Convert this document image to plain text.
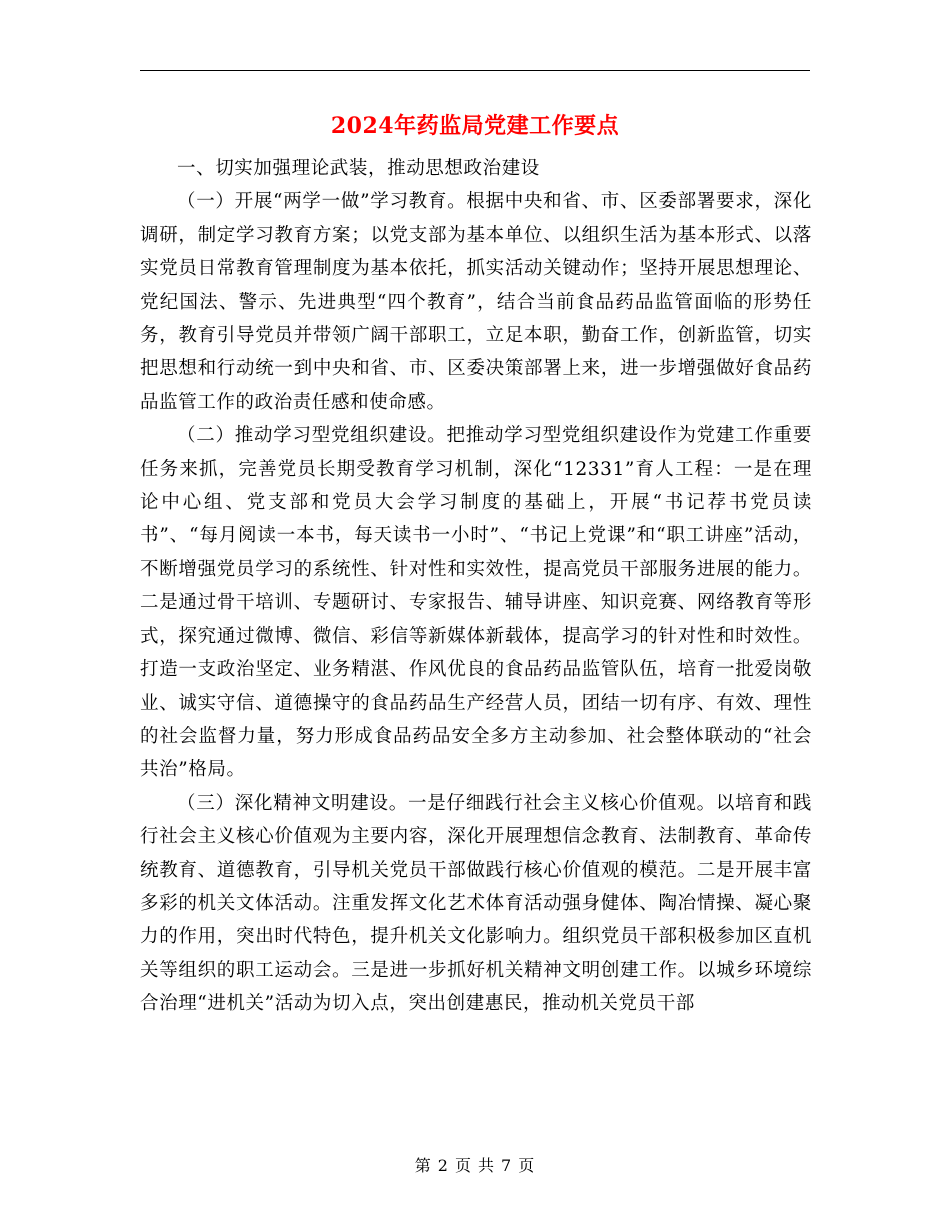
2024年药监局党建工作要点

一、切实加强理论武装，推动思想政治建设

（一）开展“两学一做”学习教育。根据中央和省、市、区委部署要求，深化调研，制定学习教育方案；以党支部为基本单位、以组织生活为基本形式、以落实党员日常教育管理制度为基本依托，抓实活动关键动作；坚持开展思想理论、党纪国法、警示、先进典型“四个教育”，结合当前食品药品监管面临的形势任务，教育引导党员并带领广阔干部职工，立足本职，勤奋工作，创新监管，切实把思想和行动统一到中央和省、市、区委决策部署上来，进一步增强做好食品药品监管工作的政治责任感和使命感。

（二）推动学习型党组织建设。把推动学习型党组织建设作为党建工作重要任务来抓，完善党员长期受教育学习机制，深化“12331”育人工程：一是在理论中心组、党支部和党员大会学习制度的基础上，开展“书记荐书党员读书”、“每月阅读一本书，每天读书一小时”、“书记上党课”和“职工讲座”活动，不断增强党员学习的系统性、针对性和实效性，提高党员干部服务进展的能力。二是通过骨干培训、专题研讨、专家报告、辅导讲座、知识竞赛、网络教育等形式，探究通过微博、微信、彩信等新媒体新载体，提高学习的针对性和时效性。打造一支政治坚定、业务精湛、作风优良的食品药品监管队伍，培育一批爱岗敬业、诚实守信、道德操守的食品药品生产经营人员，团结一切有序、有效、理性的社会监督力量，努力形成食品药品安全多方主动参加、社会整体联动的“社会共治”格局。

（三）深化精神文明建设。一是仔细践行社会主义核心价值观。以培育和践行社会主义核心价值观为主要内容，深化开展理想信念教育、法制教育、革命传统教育、道德教育，引导机关党员干部做践行核心价值观的模范。二是开展丰富多彩的机关文体活动。注重发挥文化艺术体育活动强身健体、陶冶情操、凝心聚力的作用，突出时代特色，提升机关文化影响力。组织党员干部积极参加区直机关等组织的职工运动会。三是进一步抓好机关精神文明创建工作。以城乡环境综合治理“进机关”活动为切入点，突出创建惠民，推动机关党员干部

第 2 页 共 7 页
